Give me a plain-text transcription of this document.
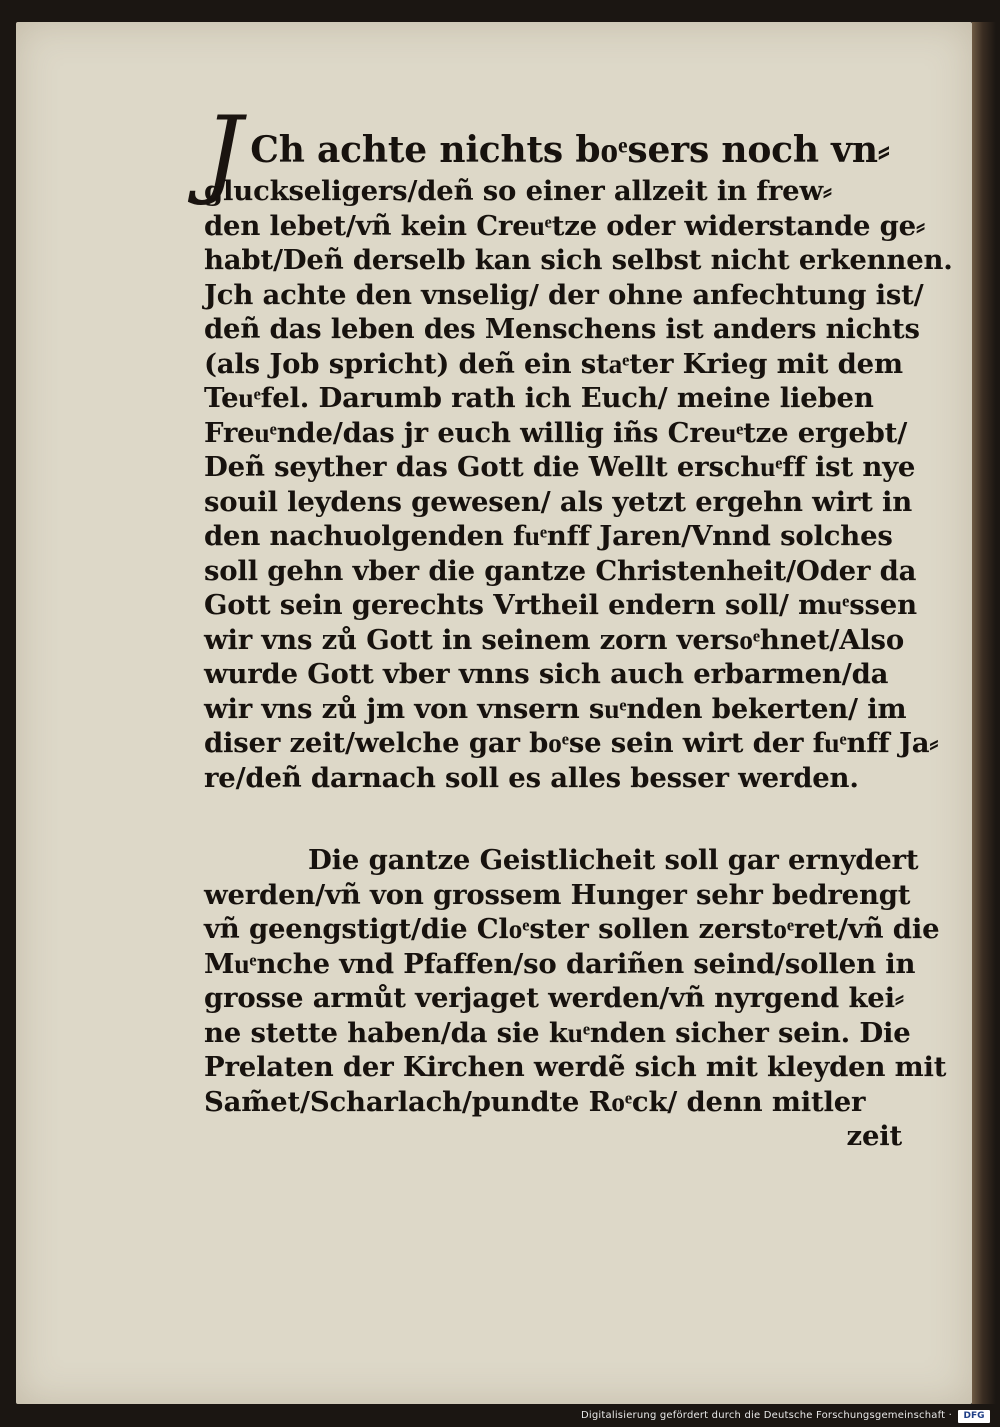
J Ch achte nichts boͤsers noch vn⸗
gluckseligers/deñ so einer allzeit in frew⸗
den lebet/vñ kein Creuͤtze oder widerstande ge⸗
habt/Deñ derselb kan sich selbst nicht erkennen.
Jch achte den vnselig/ der ohne anfechtung ist/
deñ das leben des Menschens ist anders nichts
(als Job spricht) deñ ein staͤter Krieg mit dem
Teuͤfel. Darumb rath ich Euch/ meine lieben
Freuͤnde/das jr euch willig iñs Creuͤtze ergebt/
Deñ seyther das Gott die Wellt erschuͤff ist nye
souil leydens gewesen/ als yetzt ergehn wirt in
den nachuolgenden fuͤnff Jaren/Vnnd solches
soll gehn vber die gantze Christenheit/Oder da
Gott sein gerechts Vrtheil endern soll/ muͤssen
wir vns zů Gott in seinem zorn versoͤhnet/Also
wurde Gott vber vnns sich auch erbarmen/da
wir vns zů jm von vnsern suͤnden bekerten/ im
diser zeit/welche gar boͤse sein wirt der fuͤnff Ja⸗
re/deñ darnach soll es alles besser werden.
Die gantze Geistlicheit soll gar ernydert
werden/vñ von grossem Hunger sehr bedrengt
vñ geengstigt/die Cloͤster sollen zerstoͤret/vñ die
Muͤnche vnd Pfaffen/so dariñen seind/sollen in
grosse armůt verjaget werden/vñ nyrgend kei⸗
ne stette haben/da sie kuͤnden sicher sein. Die
Prelaten der Kirchen werdẽ sich mit kleyden mit
Sam̃et/Scharlach/pundte Roͤck/ denn mitler
zeit
Digitalisierung gefördert durch die Deutsche Forschungsgemeinschaft ·	DFG
